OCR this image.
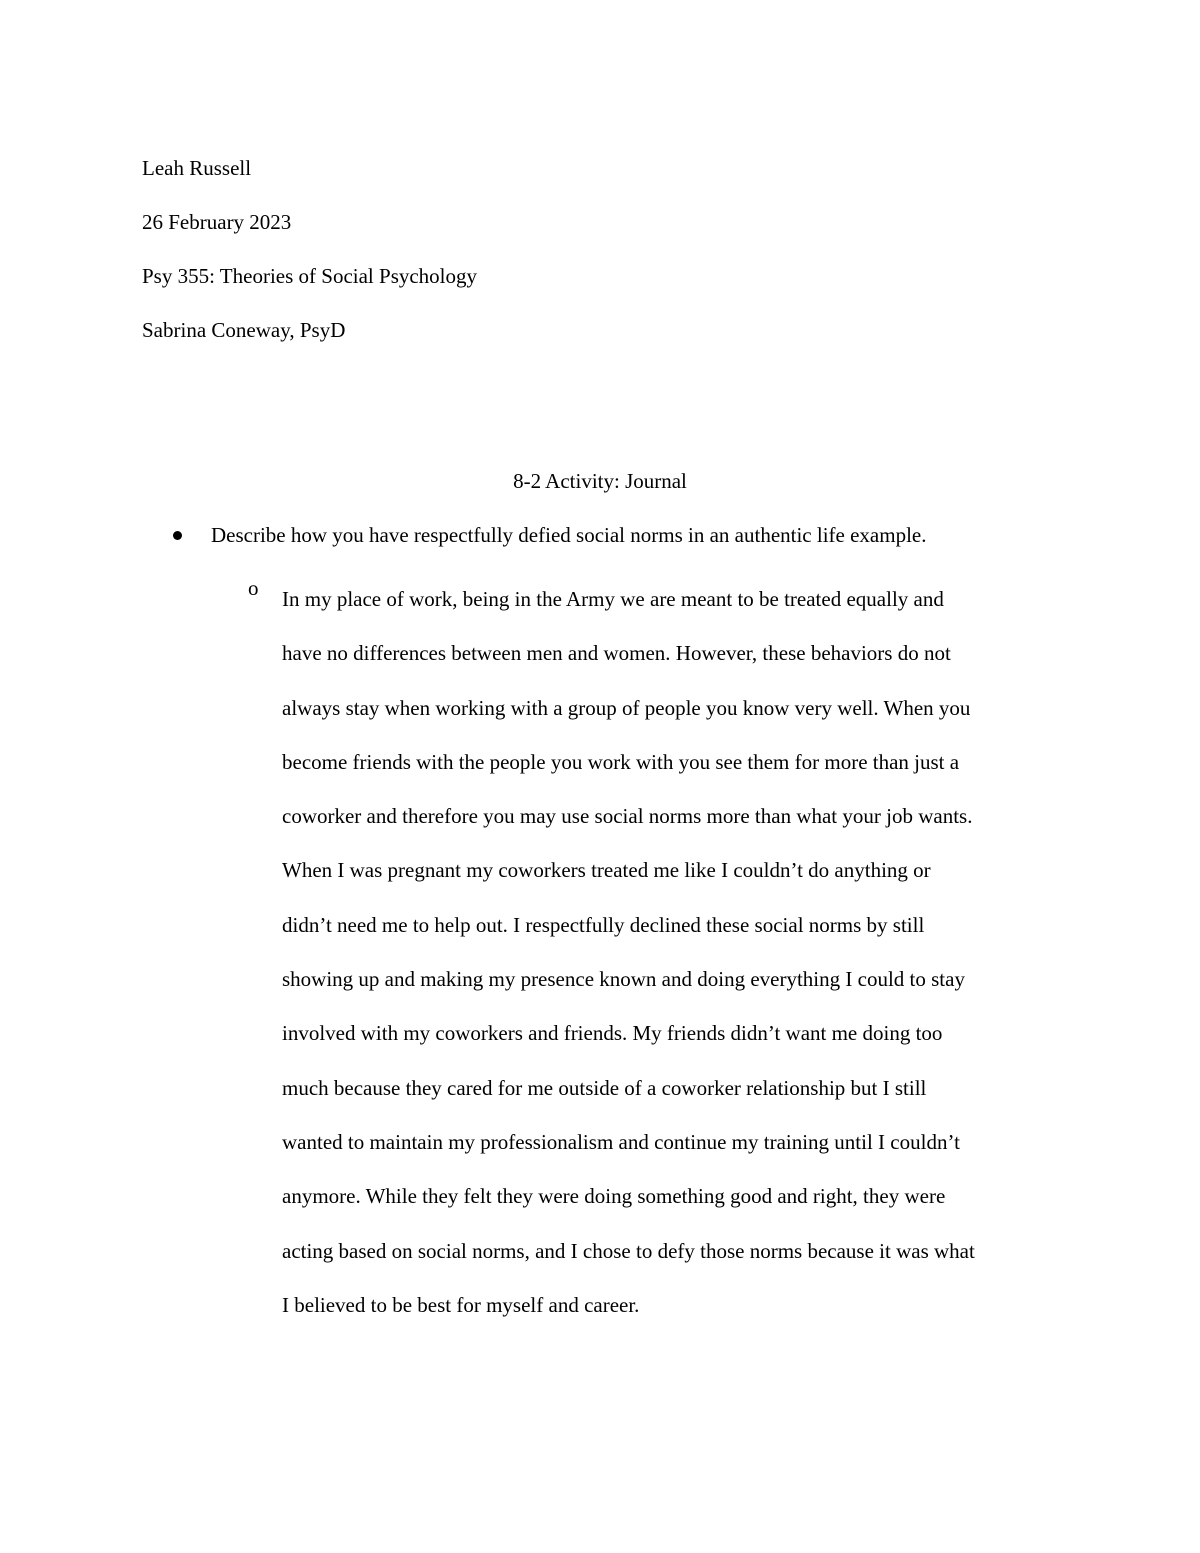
Leah Russell
26 February 2023
Psy 355: Theories of Social Psychology
Sabrina Coneway, PsyD
8-2 Activity: Journal
Describe how you have respectfully defied social norms in an authentic life example.
o In my place of work, being in the Army we are meant to be treated equally and
have no differences between men and women. However, these behaviors do not
always stay when working with a group of people you know very well. When you
become friends with the people you work with you see them for more than just a
coworker and therefore you may use social norms more than what your job wants.
When I was pregnant my coworkers treated me like I couldn’t do anything or
didn’t need me to help out. I respectfully declined these social norms by still
showing up and making my presence known and doing everything I could to stay
involved with my coworkers and friends. My friends didn’t want me doing too
much because they cared for me outside of a coworker relationship but I still
wanted to maintain my professionalism and continue my training until I couldn’t
anymore. While they felt they were doing something good and right, they were
acting based on social norms, and I chose to defy those norms because it was what
I believed to be best for myself and career.
